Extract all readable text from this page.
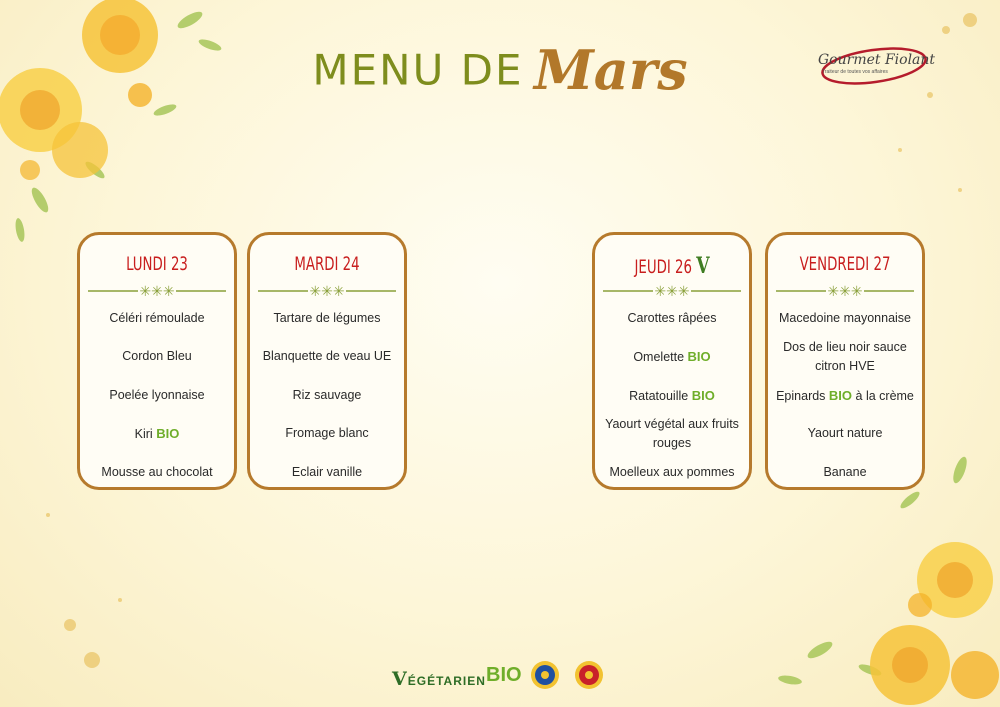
MENU DE Mars	Gourmet Fiolant
Traiteur de toutes vos affaires
LUNDI 23
✳✳✳
Céléri rémoulade
Cordon Bleu
Poelée lyonnaise
Kiri BIO
Mousse au chocolat
MARDI 24
✳✳✳
Tartare de légumes
Blanquette de veau UE
Riz sauvage
Fromage blanc
Eclair vanille
JEUDI 26 V
✳✳✳
Carottes râpées
Omelette BIO
Ratatouille BIO
Yaourt végétal aux fruits rouges
Moelleux aux pommes
VENDREDI 27
✳✳✳
Macedoine mayonnaise
Dos de lieu noir sauce citron HVE
Epinards BIO à la crème
Yaourt nature
Banane
VÉGÉTARIEN BIO
